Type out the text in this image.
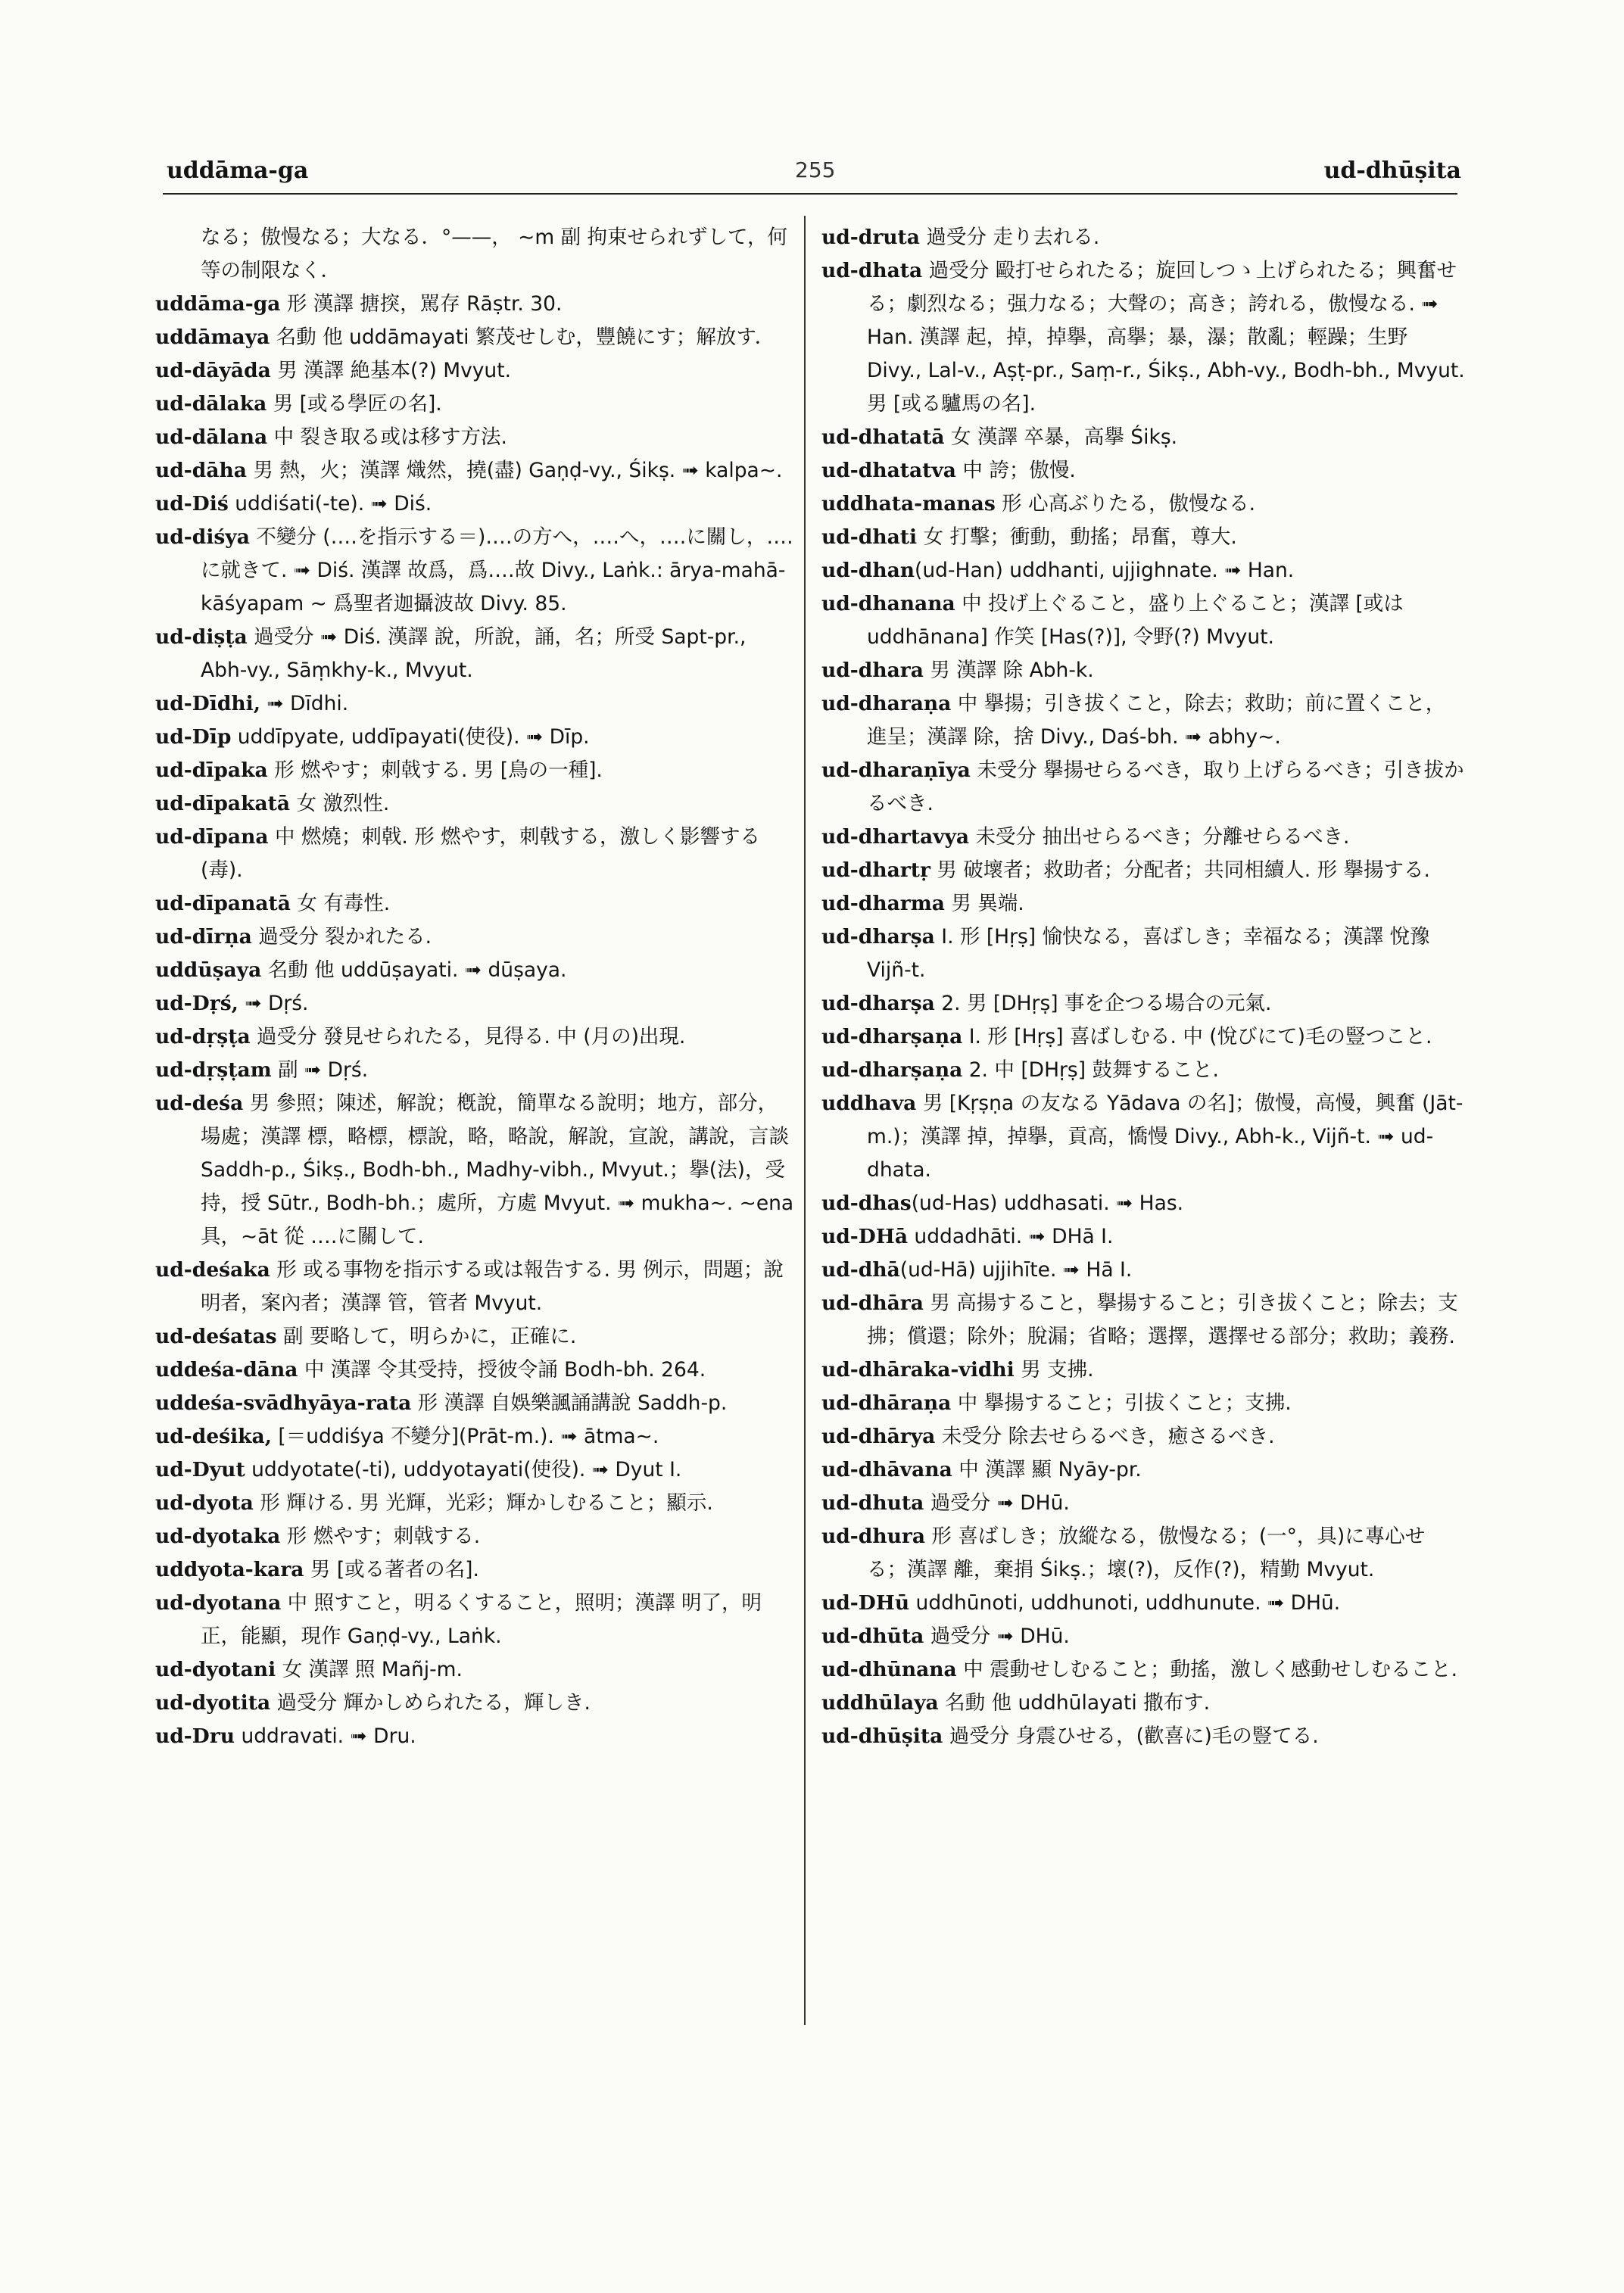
uddāma-ga	255	ud-dhūṣita

なる；傲慢なる；大なる．°——， ∼m 副 拘束せられずして，何等の制限なく．

uddāma-ga 形 漢譯 搪揬，駡存 Rāṣtr. 30.

uddāmaya 名動 他 uddāmayati 繁茂せしむ，豐饒にす；解放す．

ud-dāyāda 男 漢譯 絶基本(?) Mvyut.

ud-dālaka 男 [或る學匠の名].

ud-dālana 中 裂き取る或は移す方法.

ud-dāha 男 熱，火；漢譯 熾然，撓(盡) Gaṇḍ-vy., Śikṣ. ➟ kalpa∼.

ud-Diś uddiśati(-te). ➟ Diś.

ud-diśya 不變分 (‥‥を指示する＝)‥‥の方へ，‥‥へ，‥‥に關し，‥‥に就きて. ➟ Diś. 漢譯 故爲，爲‥‥故 Divy., Laṅk.: ārya-mahā-kāśyapam ∼ 爲聖者迦攝波故 Divy. 85.

ud-diṣṭa 過受分 ➟ Diś. 漢譯 說，所說，誦，名；所受 Sapt-pr., Abh-vy., Sāṃkhy-k., Mvyut.

ud-Dīdhi, ➟ Dīdhi.

ud-Dīp uddīpyate, uddīpayati(使役). ➟ Dīp.

ud-dīpaka 形 燃やす；刺戟する. 男 [鳥の一種].

ud-dīpakatā 女 激烈性.

ud-dīpana 中 燃燒；刺戟. 形 燃やす，刺戟する，激しく影響する(毒).

ud-dīpanatā 女 有毒性.

ud-dīrṇa 過受分 裂かれたる.

uddūṣaya 名動 他 uddūṣayati. ➟ dūṣaya.

ud-Dṛś, ➟ Dṛś.

ud-dṛṣṭa 過受分 發見せられたる，見得る. 中 (月の)出現.

ud-dṛṣṭam 副 ➟ Dṛś.

ud-deśa 男 參照；陳述，解說；槪說，簡單なる說明；地方，部分，場處；漢譯 標，略標，標說，略，略說，解說，宣說，講說，言談 Saddh-p., Śikṣ., Bodh-bh., Madhy-vibh., Mvyut.；擧(法)，受持，授 Sūtr., Bodh-bh.；處所，方處 Mvyut. ➟ mukha∼. ∼ena 具，∼āt 從 ‥‥に關して.

ud-deśaka 形 或る事物を指示する或は報告する. 男 例示，問題；說明者，案內者；漢譯 管，管者 Mvyut.

ud-deśatas 副 要略して，明らかに，正確に.

uddeśa-dāna 中 漢譯 令其受持，授彼令誦 Bodh-bh. 264.

uddeśa-svādhyāya-rata 形 漢譯 自娛樂諷誦講說 Saddh-p.

ud-deśika, [＝uddiśya 不變分](Prāt-m.). ➟ ātma∼.

ud-Dyut uddyotate(-ti), uddyotayati(使役). ➟ Dyut I.

ud-dyota 形 輝ける. 男 光輝，光彩；輝かしむること；顯示.

ud-dyotaka 形 燃やす；刺戟する.

uddyota-kara 男 [或る著者の名].

ud-dyotana 中 照すこと，明るくすること，照明；漢譯 明了，明正，能顯，現作 Gaṇḍ-vy., Laṅk.

ud-dyotani 女 漢譯 照 Mañj-m.

ud-dyotita 過受分 輝かしめられたる，輝しき.

ud-Dru uddravati. ➟ Dru.

ud-druta 過受分 走り去れる.

ud-dhata 過受分 毆打せられたる；旋回しつゝ上げられたる；興奮せる；劇烈なる；强力なる；大聲の；高き；誇れる，傲慢なる. ➟ Han. 漢譯 起，掉，掉擧，高擧；暴，瀑；散亂；輕躁；生野 Divy., Lal-v., Aṣṭ-pr., Saṃ-r., Śikṣ., Abh-vy., Bodh-bh., Mvyut. 男 [或る驢馬の名].

ud-dhatatā 女 漢譯 卒暴，高擧 Śikṣ.

ud-dhatatva 中 誇；傲慢.

uddhata-manas 形 心高ぶりたる，傲慢なる.

ud-dhati 女 打擊；衝動，動搖；昂奮，尊大.

ud-dhan(ud-Han) uddhanti, ujjighnate. ➟ Han.

ud-dhanana 中 投げ上ぐること，盛り上ぐること；漢譯 [或は uddhānana] 作笑 [Has(?)], 令野(?) Mvyut.

ud-dhara 男 漢譯 除 Abh-k.

ud-dharaṇa 中 擧揚；引き拔くこと，除去；救助；前に置くこと，進呈；漢譯 除，捨 Divy., Daś-bh. ➟ abhy∼.

ud-dharaṇīya 未受分 擧揚せらるべき，取り上げらるべき；引き拔かるべき.

ud-dhartavya 未受分 抽出せらるべき；分離せらるべき.

ud-dhartṛ 男 破壞者；救助者；分配者；共同相續人. 形 擧揚する.

ud-dharma 男 異端.

ud-dharṣa I. 形 [Hṛṣ] 愉快なる，喜ばしき；幸福なる；漢譯 悅豫 Vijñ-t.

ud-dharṣa 2. 男 [DHṛṣ] 事を企つる場合の元氣.

ud-dharṣaṇa I. 形 [Hṛṣ] 喜ばしむる. 中 (悅びにて)毛の豎つこと.

ud-dharṣaṇa 2. 中 [DHṛṣ] 鼓舞すること.

uddhava 男 [Kṛṣṇa の友なる Yādava の名]；傲慢，高慢，興奮 (Jāt-m.)；漢譯 掉，掉擧，貢高，憍慢 Divy., Abh-k., Vijñ-t. ➟ ud-dhata.

ud-dhas(ud-Has) uddhasati. ➟ Has.

ud-DHā uddadhāti. ➟ DHā I.

ud-dhā(ud-Hā) ujjihīte. ➟ Hā I.

ud-dhāra 男 高揚すること，擧揚すること；引き拔くこと；除去；支拂；償還；除外；脫漏；省略；選擇，選擇せる部分；救助；義務.

ud-dhāraka-vidhi 男 支拂.

ud-dhāraṇa 中 擧揚すること；引拔くこと；支拂.

ud-dhārya 未受分 除去せらるべき，癒さるべき.

ud-dhāvana 中 漢譯 顯 Nyāy-pr.

ud-dhuta 過受分 ➟ DHū.

ud-dhura 形 喜ばしき；放縱なる，傲慢なる；(一°，具)に專心せる；漢譯 離，棄捐 Śikṣ.；壞(?)，反作(?)，精勤 Mvyut.

ud-DHū uddhūnoti, uddhunoti, uddhunute. ➟ DHū.

ud-dhūta 過受分 ➟ DHū.

ud-dhūnana 中 震動せしむること；動搖，激しく感動せしむること.

uddhūlaya 名動 他 uddhūlayati 撒布す.

ud-dhūṣita 過受分 身震ひせる，(歡喜に)毛の豎てる.
